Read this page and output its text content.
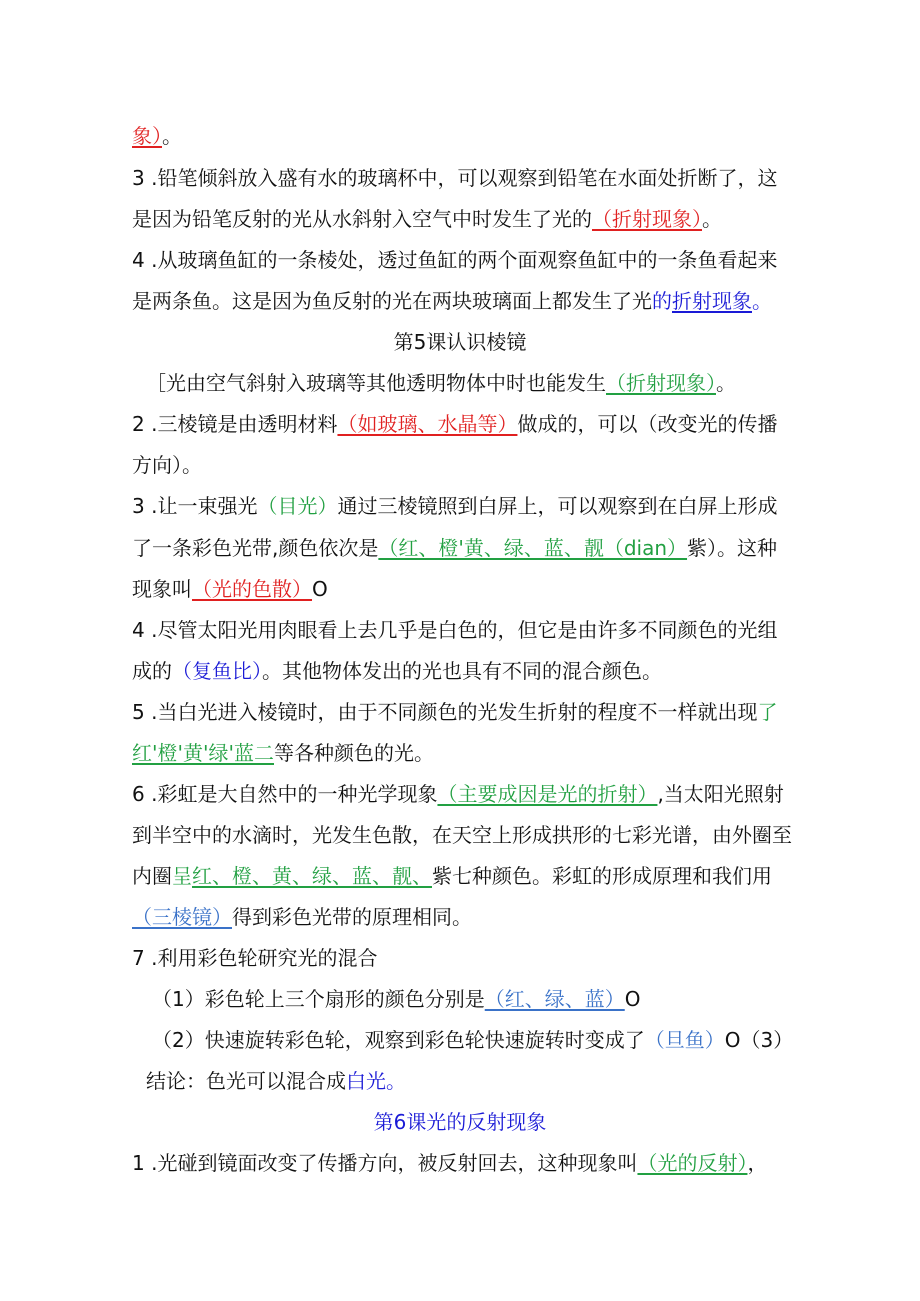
象）。
3 .铅笔倾斜放入盛有水的玻璃杯中，可以观察到铅笔在水面处折断了，这
是因为铅笔反射的光从水斜射入空气中时发生了光的（折射现象）。
4 .从玻璃鱼缸的一条棱处，透过鱼缸的两个面观察鱼缸中的一条鱼看起来
是两条鱼。这是因为鱼反射的光在两块玻璃面上都发生了光的折射现象。
第5课认识棱镜
［光由空气斜射入玻璃等其他透明物体中时也能发生（折射现象）。
2 .三棱镜是由透明材料（如玻璃、水晶等）做成的，可以（改变光的传播
方向）。
3 .让一束强光（目光）通过三棱镜照到白屏上，可以观察到在白屏上形成
了一条彩色光带,颜色依次是（红、橙'黄、绿、蓝、靓（dian）紫）。这种
现象叫（光的色散）O
4 .尽管太阳光用肉眼看上去几乎是白色的，但它是由许多不同颜色的光组
成的（复鱼比）。其他物体发出的光也具有不同的混合颜色。
5 .当白光进入棱镜时，由于不同颜色的光发生折射的程度不一样就出现了
红'橙'黄'绿'蓝二等各种颜色的光。
6 .彩虹是大自然中的一种光学现象（主要成因是光的折射）,当太阳光照射
到半空中的水滴时，光发生色散，在天空上形成拱形的七彩光谱，由外圈至
内圈呈红、橙、黄、绿、蓝、靓、紫七种颜色。彩虹的形成原理和我们用
（三棱镜）得到彩色光带的原理相同。
7 .利用彩色轮研究光的混合
（1）彩色轮上三个扇形的颜色分别是（红、绿、蓝）O
（2）快速旋转彩色轮，观察到彩色轮快速旋转时变成了（旦鱼）O（3）
结论：色光可以混合成白光。
第6课光的反射现象
1 .光碰到镜面改变了传播方向，被反射回去，这种现象叫（光的反射），
